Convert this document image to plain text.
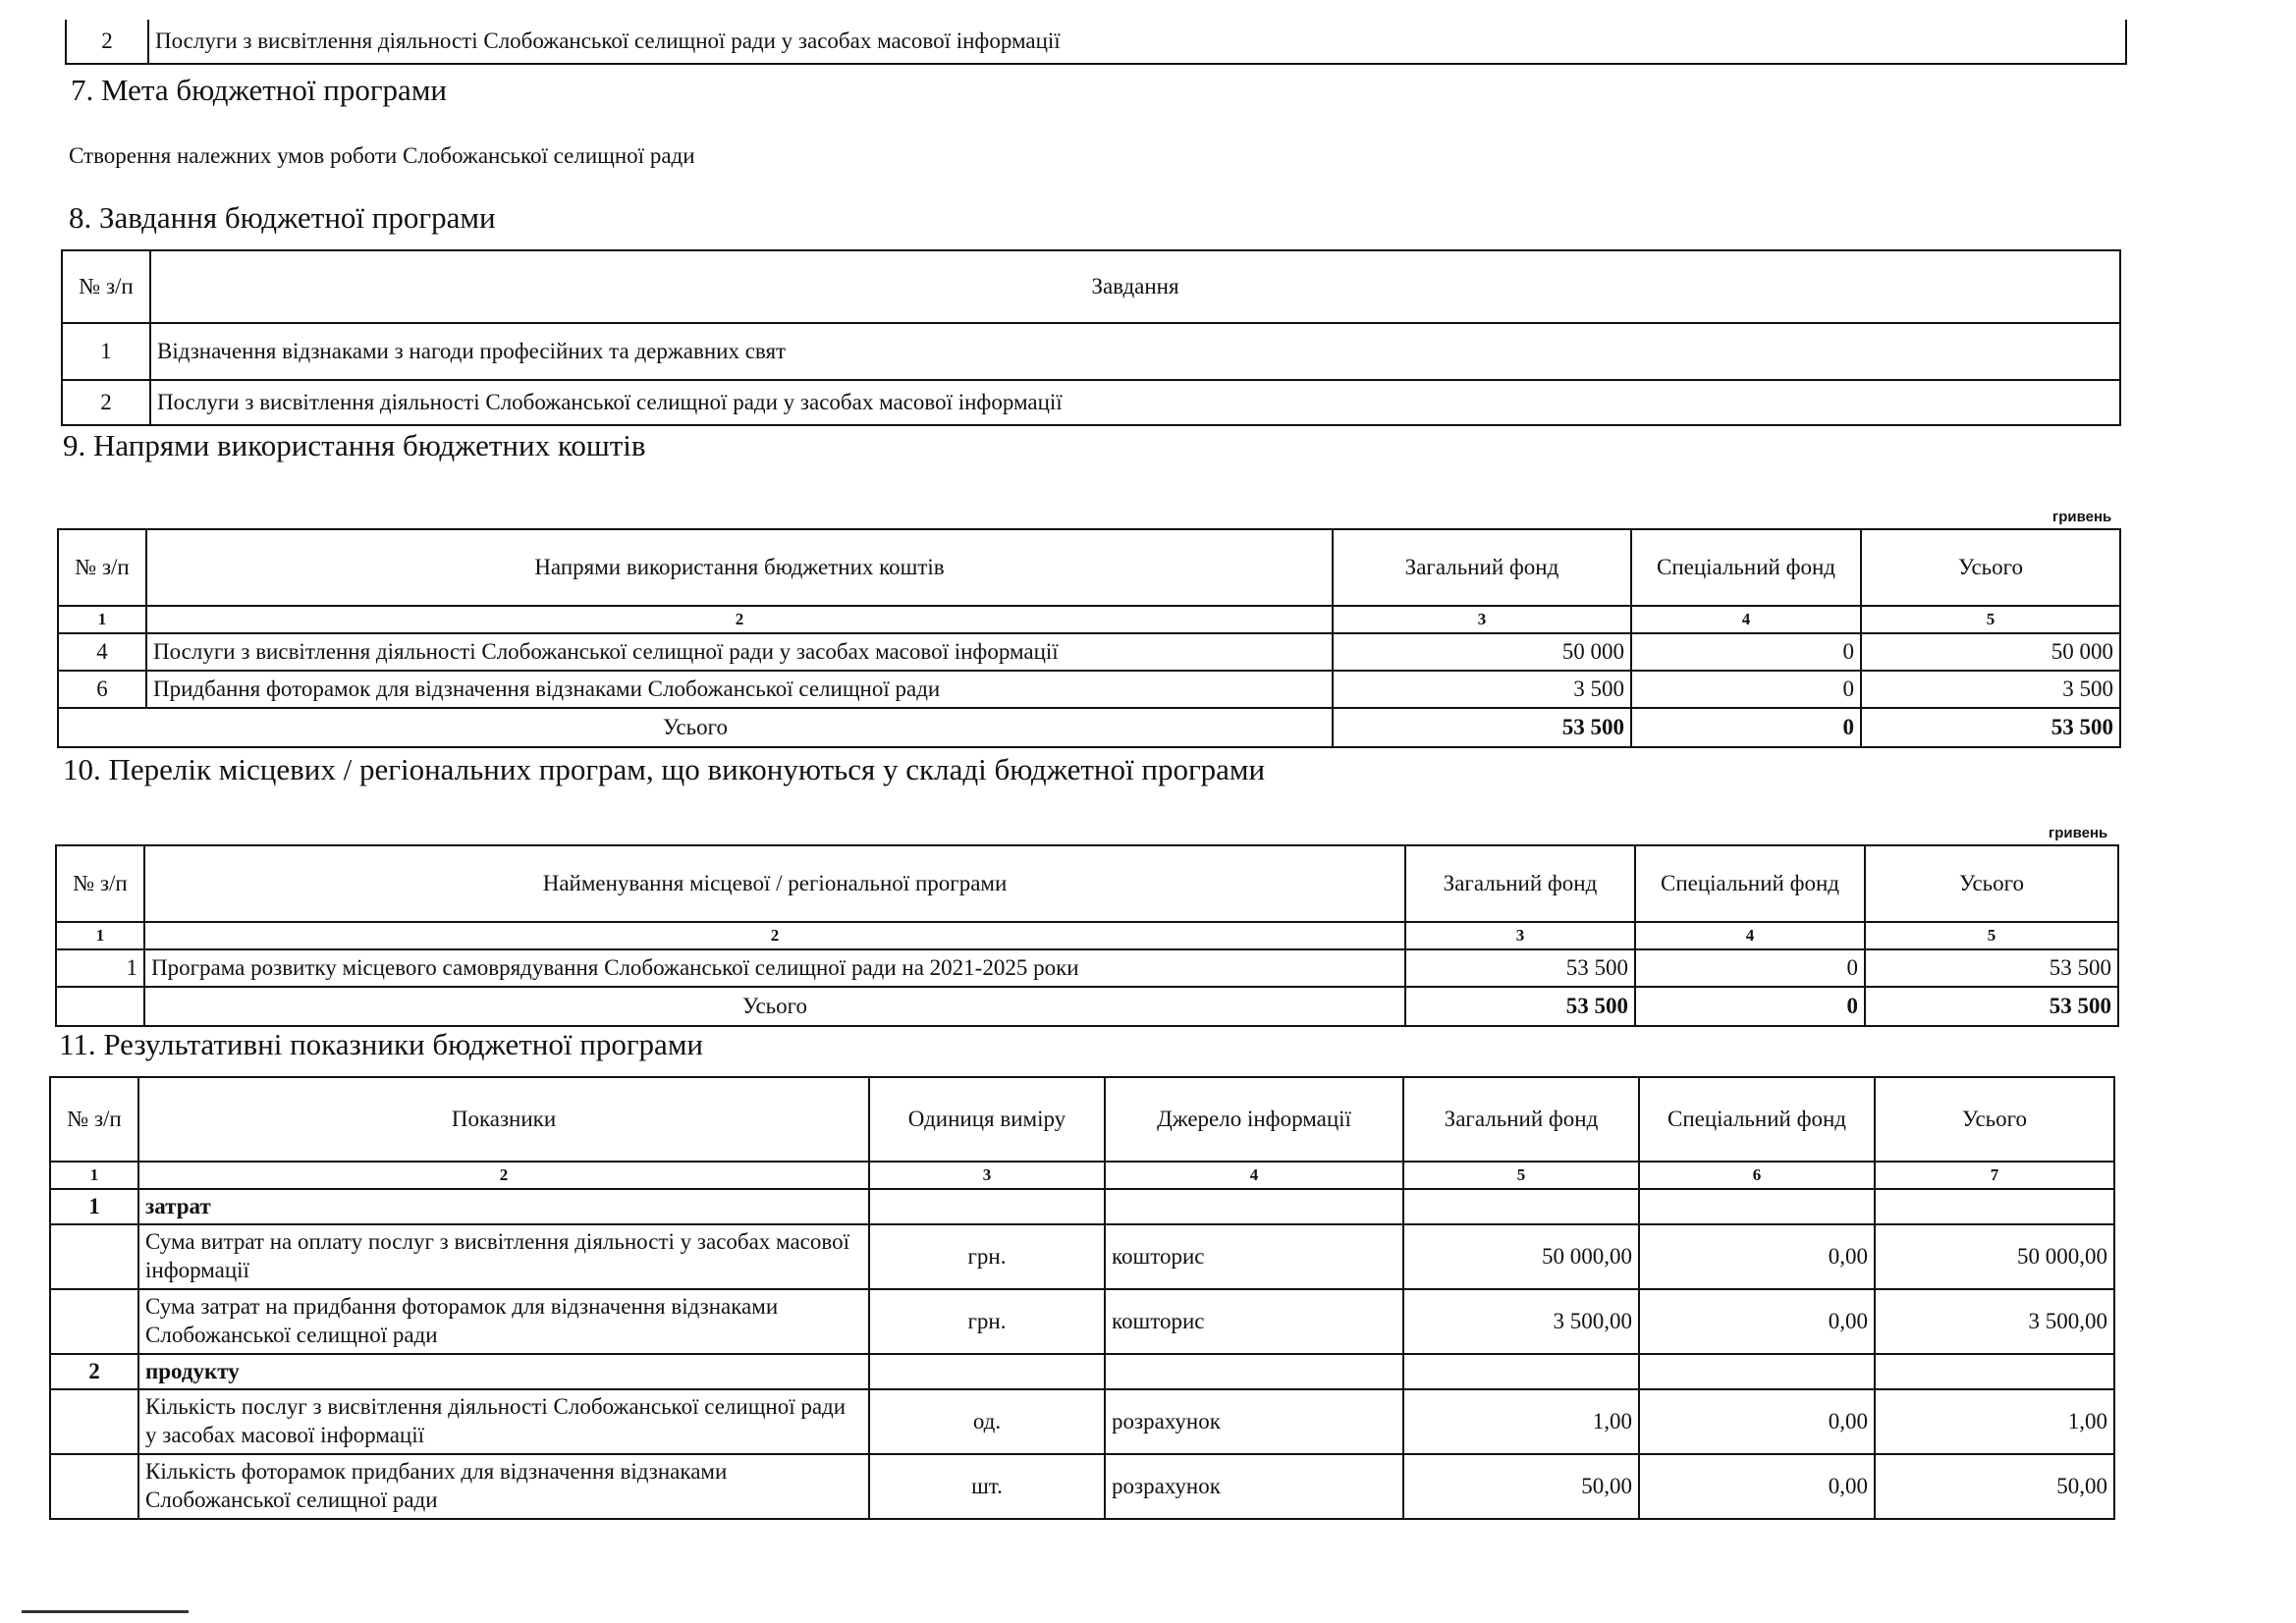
2	Послуги з висвітлення діяльності Слобожанської селищної ради у засобах масової інформації
7. Мета бюджетної програми
Створення належних умов роботи Слобожанської селищної ради
8. Завдання бюджетної програми
№ з/п	Завдання
1	Відзначення відзнаками з нагоди професійних та державних свят
2	Послуги з висвітлення діяльності Слобожанської селищної ради у засобах масової інформації
9. Напрями використання бюджетних коштів
гривень
№ з/п	Напрями використання бюджетних коштів	Загальний фонд	Спеціальний фонд	Усього
1	2	3	4	5
4	Послуги з висвітлення діяльності Слобожанської селищної ради у засобах масової інформації	50 000	0	50 000
6	Придбання фоторамок для відзначення відзнаками Слобожанської селищної ради	3 500	0	3 500
Усього		53 500	0	53 500
10. Перелік місцевих / регіональних програм, що виконуються у складі бюджетної програми
гривень
№ з/п	Найменування місцевої / регіональної програми	Загальний фонд	Спеціальний фонд	Усього
1	2	3	4	5
1	Програма розвитку місцевого самоврядування Слобожанської селищної ради на 2021-2025 роки	53 500	0	53 500
	Усього	53 500	0	53 500
11. Результативні показники бюджетної програми
№ з/п	Показники	Одиниця виміру	Джерело інформації	Загальний фонд	Спеціальний фонд	Усього
1	2	3	4	5	6	7
1	затрат					
	Сума витрат на оплату послуг з висвітлення діяльності у засобах масової інформації	грн.	кошторис	50 000,00	0,00	50 000,00
	Сума затрат на придбання фоторамок для відзначення відзнаками Слобожанської селищної ради	грн.	кошторис	3 500,00	0,00	3 500,00
2	продукту					
	Кількість послуг з висвітлення діяльності Слобожанської селищної ради у засобах масової інформації	од.	розрахунок	1,00	0,00	1,00
	Кількість фоторамок придбаних для відзначення відзнаками Слобожанської селищної ради	шт.	розрахунок	50,00	0,00	50,00
